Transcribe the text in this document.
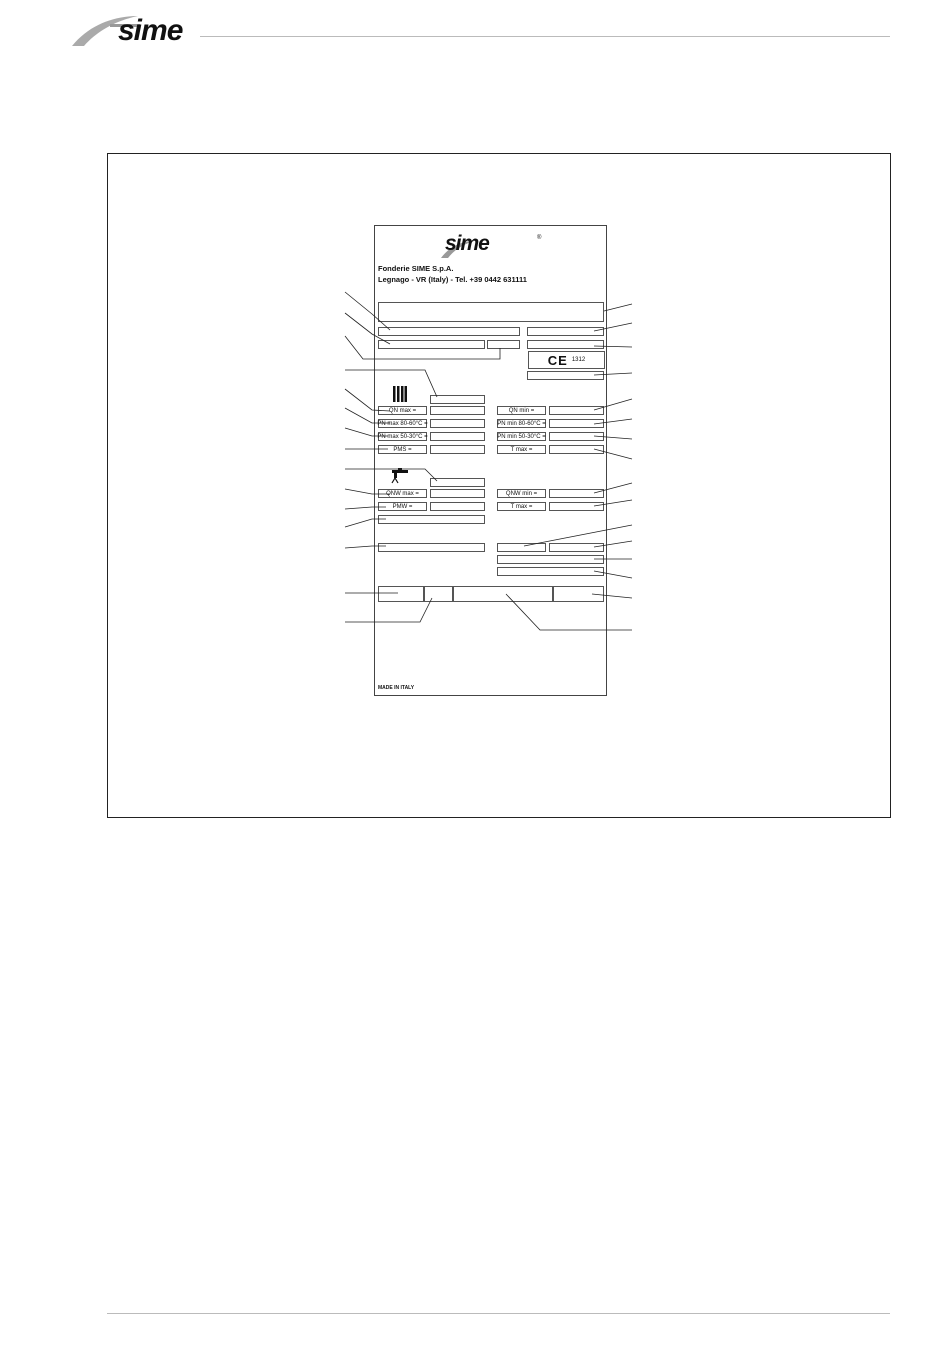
sime
sime	®
Fonderie SIME S.p.A.
Legnago - VR (Italy) - Tel. +39 0442 631111
CE 1312
QN max =	QN min =
PN max 80-60°C =	PN min 80-60°C =
PN max 50-30°C =	PN min 50-30°C =
PMS =	T max =
QNW max =	QNW min =
PMW =	T max =
MADE IN ITALY
